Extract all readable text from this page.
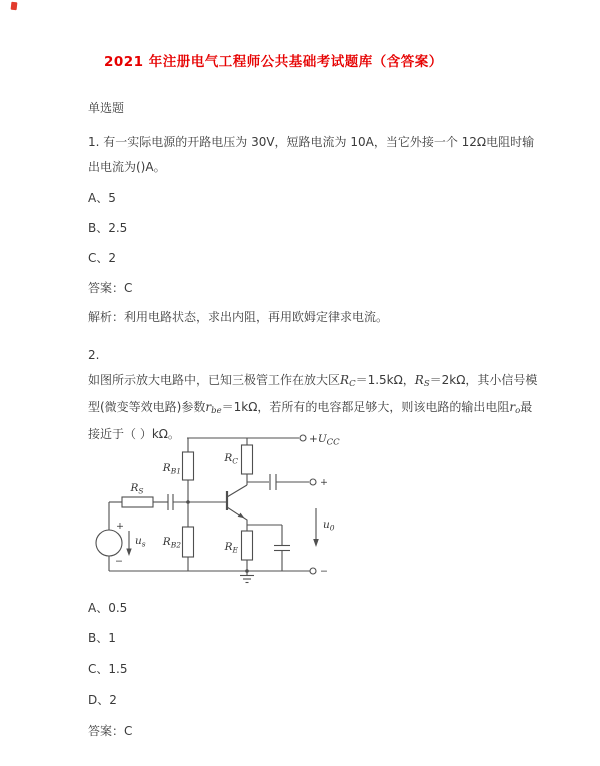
2021 年注册电气工程师公共基础考试题库（含答案）
单选题

1. 有一实际电源的开路电压为 30V，短路电流为 10A，当它外接一个 12Ω电阻时输出电流为()A。

A、5
B、2.5
C、2
答案：C
解析：利用电路状态，求出内阻，再用欧姆定律求电流。
2.

如图所示放大电路中，已知三极管工作在放大区$R_C=1.5k\Omega$，$R_S=2k\Omega$，其小信号模型(微变等效电路)参数$r_{be}=1k\Omega$，若所有的电容都足够大，则该电路的输出电阻$r_o$最接近于（ ）kΩ。	$+U_{CC}$
$R_{B1}$
$R_{B2}$
$R_C$
+
$R_E$
−
$u_0$
$R_S$
+
−
$u_s$
A、0.5
B、1
C、1.5
D、2
答案：C
